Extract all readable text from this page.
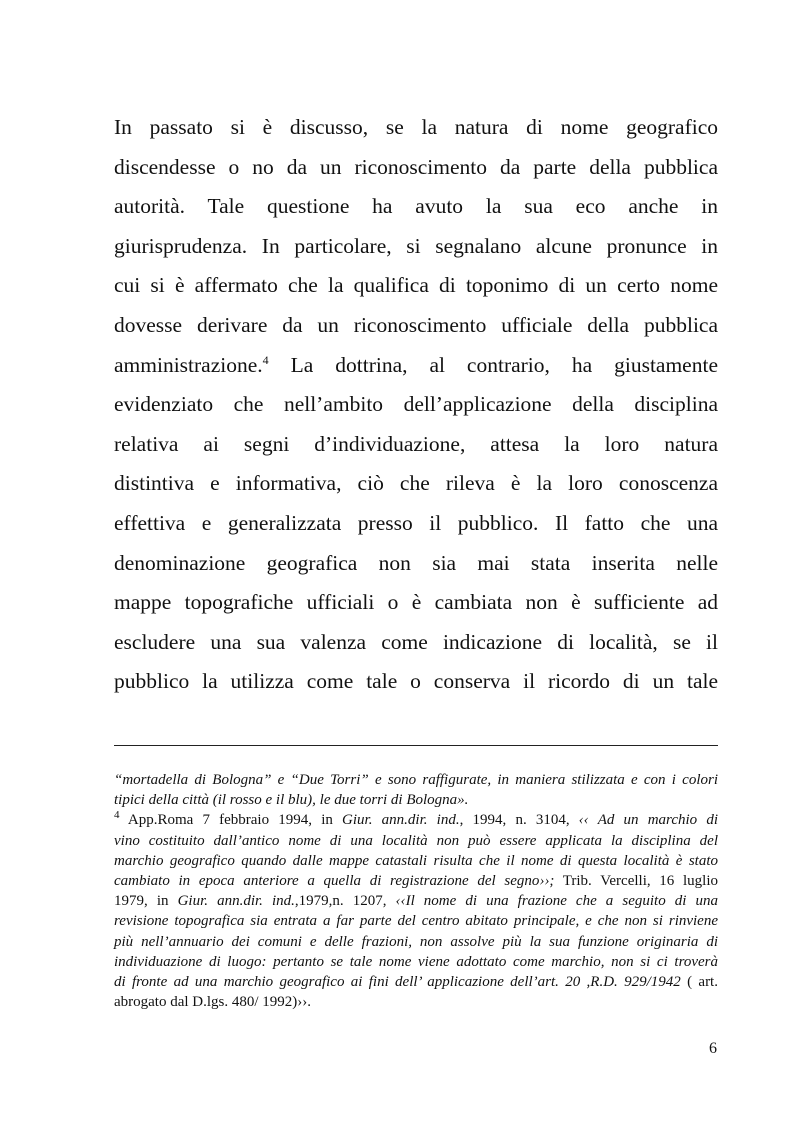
In passato si è discusso, se la natura di nome geografico
discendesse o no da un riconoscimento da parte della pubblica
autorità. Tale questione ha avuto la sua eco anche in
giurisprudenza. In particolare, si segnalano alcune pronunce in
cui si è affermato che la qualifica di toponimo di un certo nome
dovesse derivare da un riconoscimento ufficiale della pubblica
amministrazione.$^4$ La dottrina, al contrario, ha giustamente
evidenziato che nell’ambito dell’applicazione della disciplina
relativa ai segni d’individuazione, attesa la loro natura
distintiva e informativa, ciò che rileva è la loro conoscenza
effettiva e generalizzata presso il pubblico. Il fatto che una
denominazione geografica non sia mai stata inserita nelle
mappe topografiche ufficiali o è cambiata non è sufficiente ad
escludere una sua valenza come indicazione di località, se il
pubblico la utilizza come tale o conserva il ricordo di un tale
“mortadella di Bologna” e “Due Torri” e sono raffigurate, in maniera stilizzata e con i colori
tipici della città (il rosso e il blu), le due torri di Bologna».
$^4$ App.Roma 7 febbraio 1994, in Giur. ann.dir. ind., 1994, n. 3104, ‹‹ Ad un marchio di
vino costituito dall’antico nome di una località non può essere applicata la disciplina del
marchio geografico quando dalle mappe catastali risulta che il nome di questa località è stato
cambiato in epoca anteriore a quella di registrazione del segno››; Trib. Vercelli, 16 luglio
1979, in Giur. ann.dir. ind.,1979,n. 1207, ‹‹Il nome di una frazione che a seguito di una
revisione topografica sia entrata a far parte del centro abitato principale, e che non si rinviene
più nell’annuario dei comuni e delle frazioni, non assolve più la sua funzione originaria di
individuazione di luogo: pertanto se tale nome viene adottato come marchio, non si ci troverà
di fronte ad una marchio geografico ai fini dell’ applicazione dell’art. 20 ,R.D. 929/1942 ( art.
abrogato dal D.lgs. 480/ 1992)››.
6
